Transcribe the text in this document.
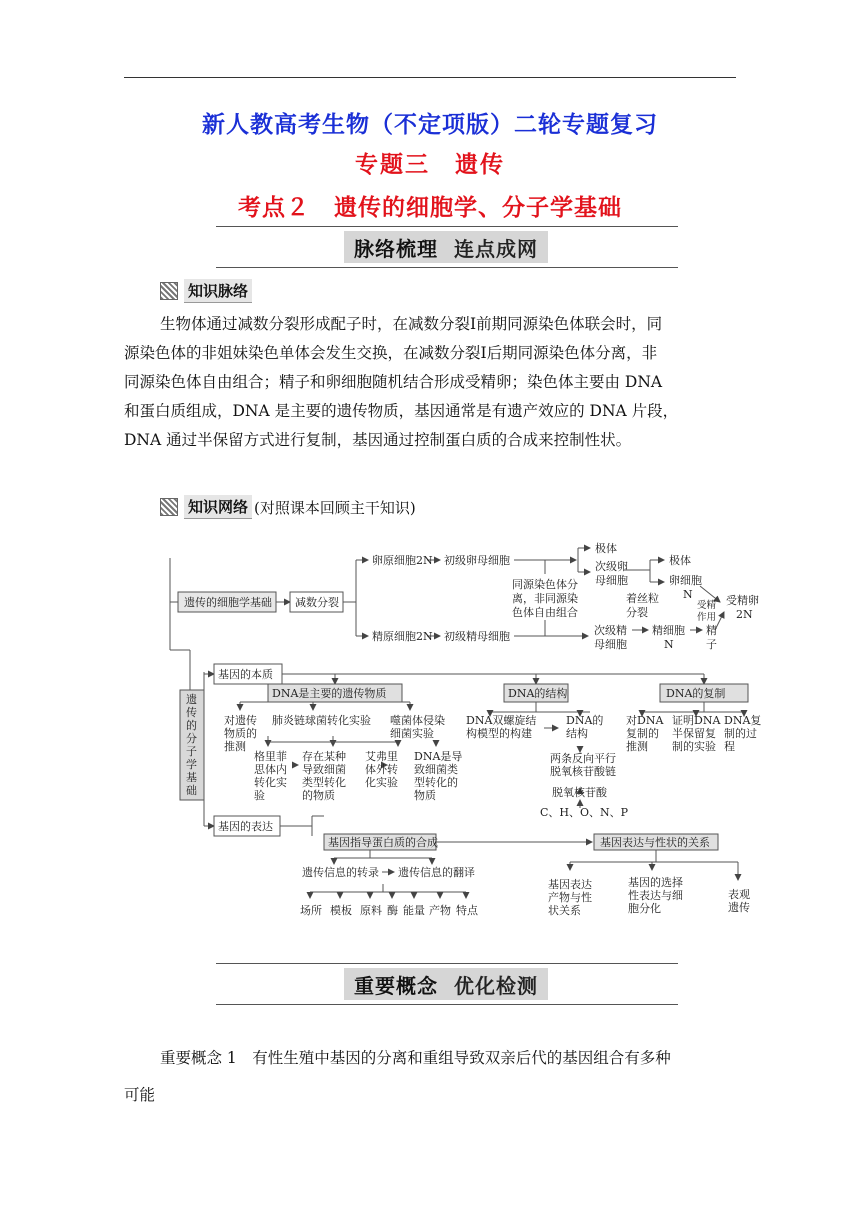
新人教高考生物（不定项版）二轮专题复习
专题三　遗传
考点２　遗传的细胞学、分子学基础
脉络梳理 连点成网
知识脉络
生物体通过减数分裂形成配子时，在减数分裂Ⅰ前期同源染色体联会时，同
源染色体的非姐妹染色单体会发生交换，在减数分裂Ⅰ后期同源染色体分离，非
同源染色体自由组合；精子和卵细胞随机结合形成受精卵；染色体主要由 DNA
和蛋白质组成，DNA 是主要的遗传物质，基因通常是有遗产效应的 DNA 片段，
DNA 通过半保留方式进行复制，基因通过控制蛋白质的合成来控制性状。
知识网络 (对照课本回顾主干知识)
遗传的细胞学基础 减数分裂
卵原细胞2N 初级卵母细胞
极体
次级卵
母细胞
同源染色体分
离，非同源染
色体自由组合
着丝粒
分裂
极体
卵细胞
N
受精
作用
受精卵
2N
精原细胞2N 初级精母细胞	次级精
母细胞
精细胞
N
精
子
遗
传
的
分
子
学
基
础
基因的本质
DNA是主要的遗传物质	DNA的结构	DNA的复制
对遗传
物质的
推测
肺炎链球菌转化实验 噬菌体侵染
细菌实验
格里菲
思体内
转化实
验
存在某种
导致细菌
类型转化
的物质
艾弗里
体外转
化实验
DNA是导
致细菌类
型转化的
物质
DNA双螺旋结
构模型的构建
DNA的
结构
两条反向平行
脱氧核苷酸链
脱氧核苷酸
C、H、O、N、P
对DNA
复制的
推测
证明DNA
半保留复
制的实验
DNA复
制的过
程
基因的表达
基因指导蛋白质的合成	基因表达与性状的关系
遗传信息的转录 遗传信息的翻译
场所 模板 原料 酶 能量 产物 特点
基因表达
产物与性
状关系
基因的选择
性表达与细
胞分化
表观
遗传
重要概念 优化检测
重要概念 1　有性生殖中基因的分离和重组导致双亲后代的基因组合有多种
可能
